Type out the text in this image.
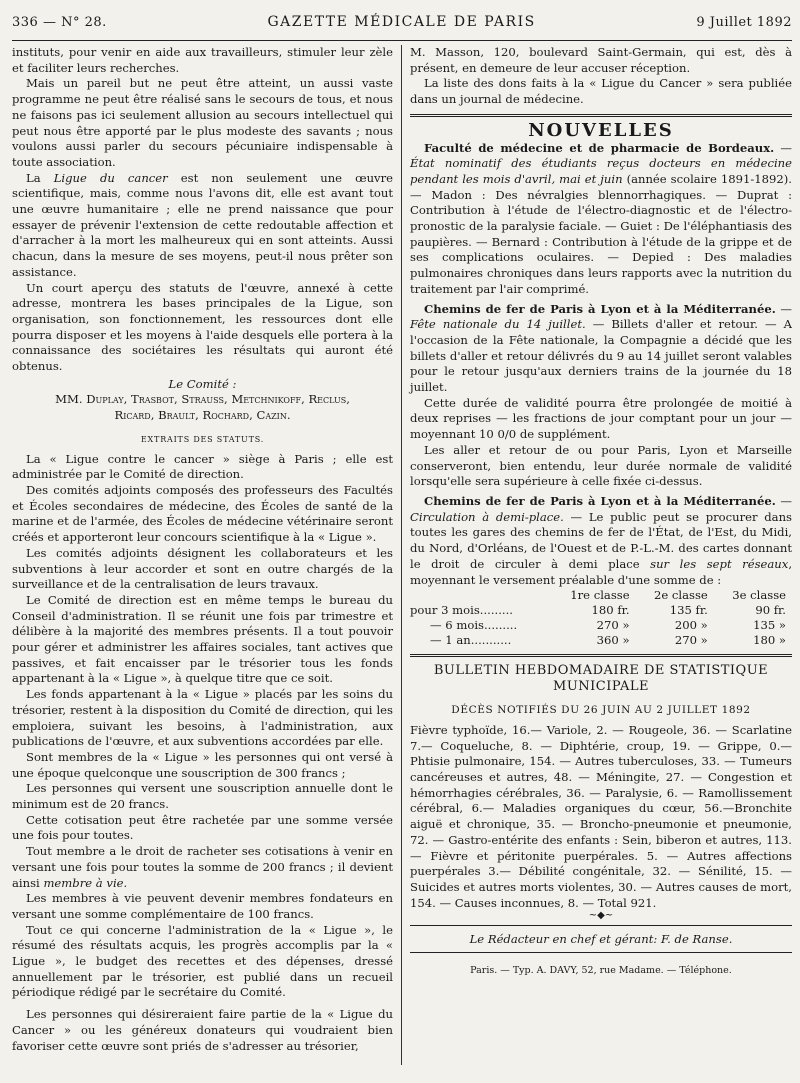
336 — N° 28.	GAZETTE MÉDICALE DE PARIS	9 Juillet 1892

instituts, pour venir en aide aux travailleurs, stimuler leur zèle et faciliter leurs recherches.

Mais un pareil but ne peut être atteint, un aussi vaste programme ne peut être réalisé sans le secours de tous, et nous ne faisons pas ici seulement allusion au secours intellectuel qui peut nous être apporté par le plus modeste des savants ; nous voulons aussi parler du secours pécuniaire indispensable à toute association.

La Ligue du cancer est non seulement une œuvre scientifique, mais, comme nous l'avons dit, elle est avant tout une œuvre humanitaire ; elle ne prend naissance que pour essayer de prévenir l'extension de cette redoutable affection et d'arracher à la mort les malheureux qui en sont atteints. Aussi chacun, dans la mesure de ses moyens, peut-il nous prêter son assistance.

Un court aperçu des statuts de l'œuvre, annexé à cette adresse, montrera les bases principales de la Ligue, son organisation, son fonctionnement, les ressources dont elle pourra disposer et les moyens à l'aide desquels elle portera à la connaissance des sociétaires les résultats qui auront été obtenus.

Le Comité :

MM. Duplay, Trasbot, Strauss, Metchnikoff, Reclus,

Ricard, Brault, Rochard, Cazin.

EXTRAITS DES STATUTS.

La « Ligue contre le cancer » siège à Paris ; elle est administrée par le Comité de direction.

Des comités adjoints composés des professeurs des Facultés et Écoles secondaires de médecine, des Écoles de santé de la marine et de l'armée, des Écoles de médecine vétérinaire seront créés et apporteront leur concours scientifique à la « Ligue ».

Les comités adjoints désignent les collaborateurs et les subventions à leur accorder et sont en outre chargés de la surveillance et de la centralisation de leurs travaux.

Le Comité de direction est en même temps le bureau du Conseil d'administration. Il se réunit une fois par trimestre et délibère à la majorité des membres présents. Il a tout pouvoir pour gérer et administrer les affaires sociales, tant actives que passives, et fait encaisser par le trésorier tous les fonds appartenant à la « Ligue », à quelque titre que ce soit.

Les fonds appartenant à la « Ligue » placés par les soins du trésorier, restent à la disposition du Comité de direction, qui les emploiera, suivant les besoins, à l'administration, aux publications de l'œuvre, et aux subventions accordées par elle.

Sont membres de la « Ligue » les personnes qui ont versé à une époque quelconque une souscription de 300 francs ;

Les personnes qui versent une souscription annuelle dont le minimum est de 20 francs.

Cette cotisation peut être rachetée par une somme versée une fois pour toutes.

Tout membre a le droit de racheter ses cotisations à venir en versant une fois pour toutes la somme de 200 francs ; il devient ainsi membre à vie.

Les membres à vie peuvent devenir membres fondateurs en versant une somme complémentaire de 100 francs.

Tout ce qui concerne l'administration de la « Ligue », le résumé des résultats acquis, les progrès accomplis par la « Ligue », le budget des recettes et des dépenses, dressé annuellement par le trésorier, est publié dans un recueil périodique rédigé par le secrétaire du Comité.

Les personnes qui désireraient faire partie de la « Ligue du Cancer » ou les généreux donateurs qui voudraient bien favoriser cette œuvre sont priés de s'adresser au trésorier,

M. Masson, 120, boulevard Saint-Germain, qui est, dès à présent, en demeure de leur accuser réception.

La liste des dons faits à la « Ligue du Cancer » sera publiée dans un journal de médecine.

NOUVELLES

Faculté de médecine et de pharmacie de Bordeaux. — État nominatif des étudiants reçus docteurs en médecine pendant les mois d'avril, mai et juin (année scolaire 1891-1892). — Madon : Des névralgies blennorrhagiques. — Duprat : Contribution à l'étude de l'électro-diagnostic et de l'électro-pronostic de la paralysie faciale. — Guiet : De l'éléphantiasis des paupières. — Bernard : Contribution à l'étude de la grippe et de ses complications oculaires. — Depied : Des maladies pulmonaires chroniques dans leurs rapports avec la nutrition du traitement par l'air comprimé.

Chemins de fer de Paris à Lyon et à la Méditerranée. — Fête nationale du 14 juillet. — Billets d'aller et retour. — A l'occasion de la Fête nationale, la Compagnie a décidé que les billets d'aller et retour délivrés du 9 au 14 juillet seront valables pour le retour jusqu'aux derniers trains de la journée du 18 juillet.

Cette durée de validité pourra être prolongée de moitié à deux reprises — les fractions de jour comptant pour un jour — moyennant 10 0/0 de supplément.

Les aller et retour de ou pour Paris, Lyon et Marseille conserveront, bien entendu, leur durée normale de validité lorsqu'elle sera supérieure à celle fixée ci-dessus.

Chemins de fer de Paris à Lyon et à la Méditerranée. — Circulation à demi-place. — Le public peut se procurer dans toutes les gares des chemins de fer de l'État, de l'Est, du Midi, du Nord, d'Orléans, de l'Ouest et de P.-L.-M. des cartes donnant le droit de circuler à demi place sur les sept réseaux, moyennant le versement préalable d'une somme de :

	1re classe	2e classe	3e classe
pour 3 mois.........	180 fr.	135 fr.	90 fr.
— 6 mois.........	270 »	200 »	135 »
— 1 an...........	360 »	270 »	180 »
BULLETIN HEBDOMADAIRE DE STATISTIQUE
MUNICIPALE
DÉCÈS NOTIFIÉS DU 26 JUIN AU 2 JUILLET 1892

Fièvre typhoïde, 16.— Variole, 2. — Rougeole, 36. — Scarlatine 7.— Coqueluche, 8. — Diphtérie, croup, 19. — Grippe, 0.— Phtisie pulmonaire, 154. — Autres tuberculoses, 33. — Tumeurs cancéreuses et autres, 48. — Méningite, 27. — Congestion et hémorrhagies cérébrales, 36. — Paralysie, 6. — Ramollissement cérébral, 6.— Maladies organiques du cœur, 56.—Bronchite aiguë et chronique, 35. — Broncho-pneumonie et pneumonie, 72. — Gastro-entérite des enfants : Sein, biberon et autres, 113.— Fièvre et péritonite puerpérales. 5. — Autres affections puerpérales 3.— Débilité congénitale, 32. — Sénilité, 15. — Suicides et autres morts violentes, 30. — Autres causes de mort, 154. — Causes inconnues, 8. — Total 921.

~◆~
Le Rédacteur en chef et gérant: F. de Ranse.
Paris. — Typ. A. DAVY, 52, rue Madame. — Téléphone.
